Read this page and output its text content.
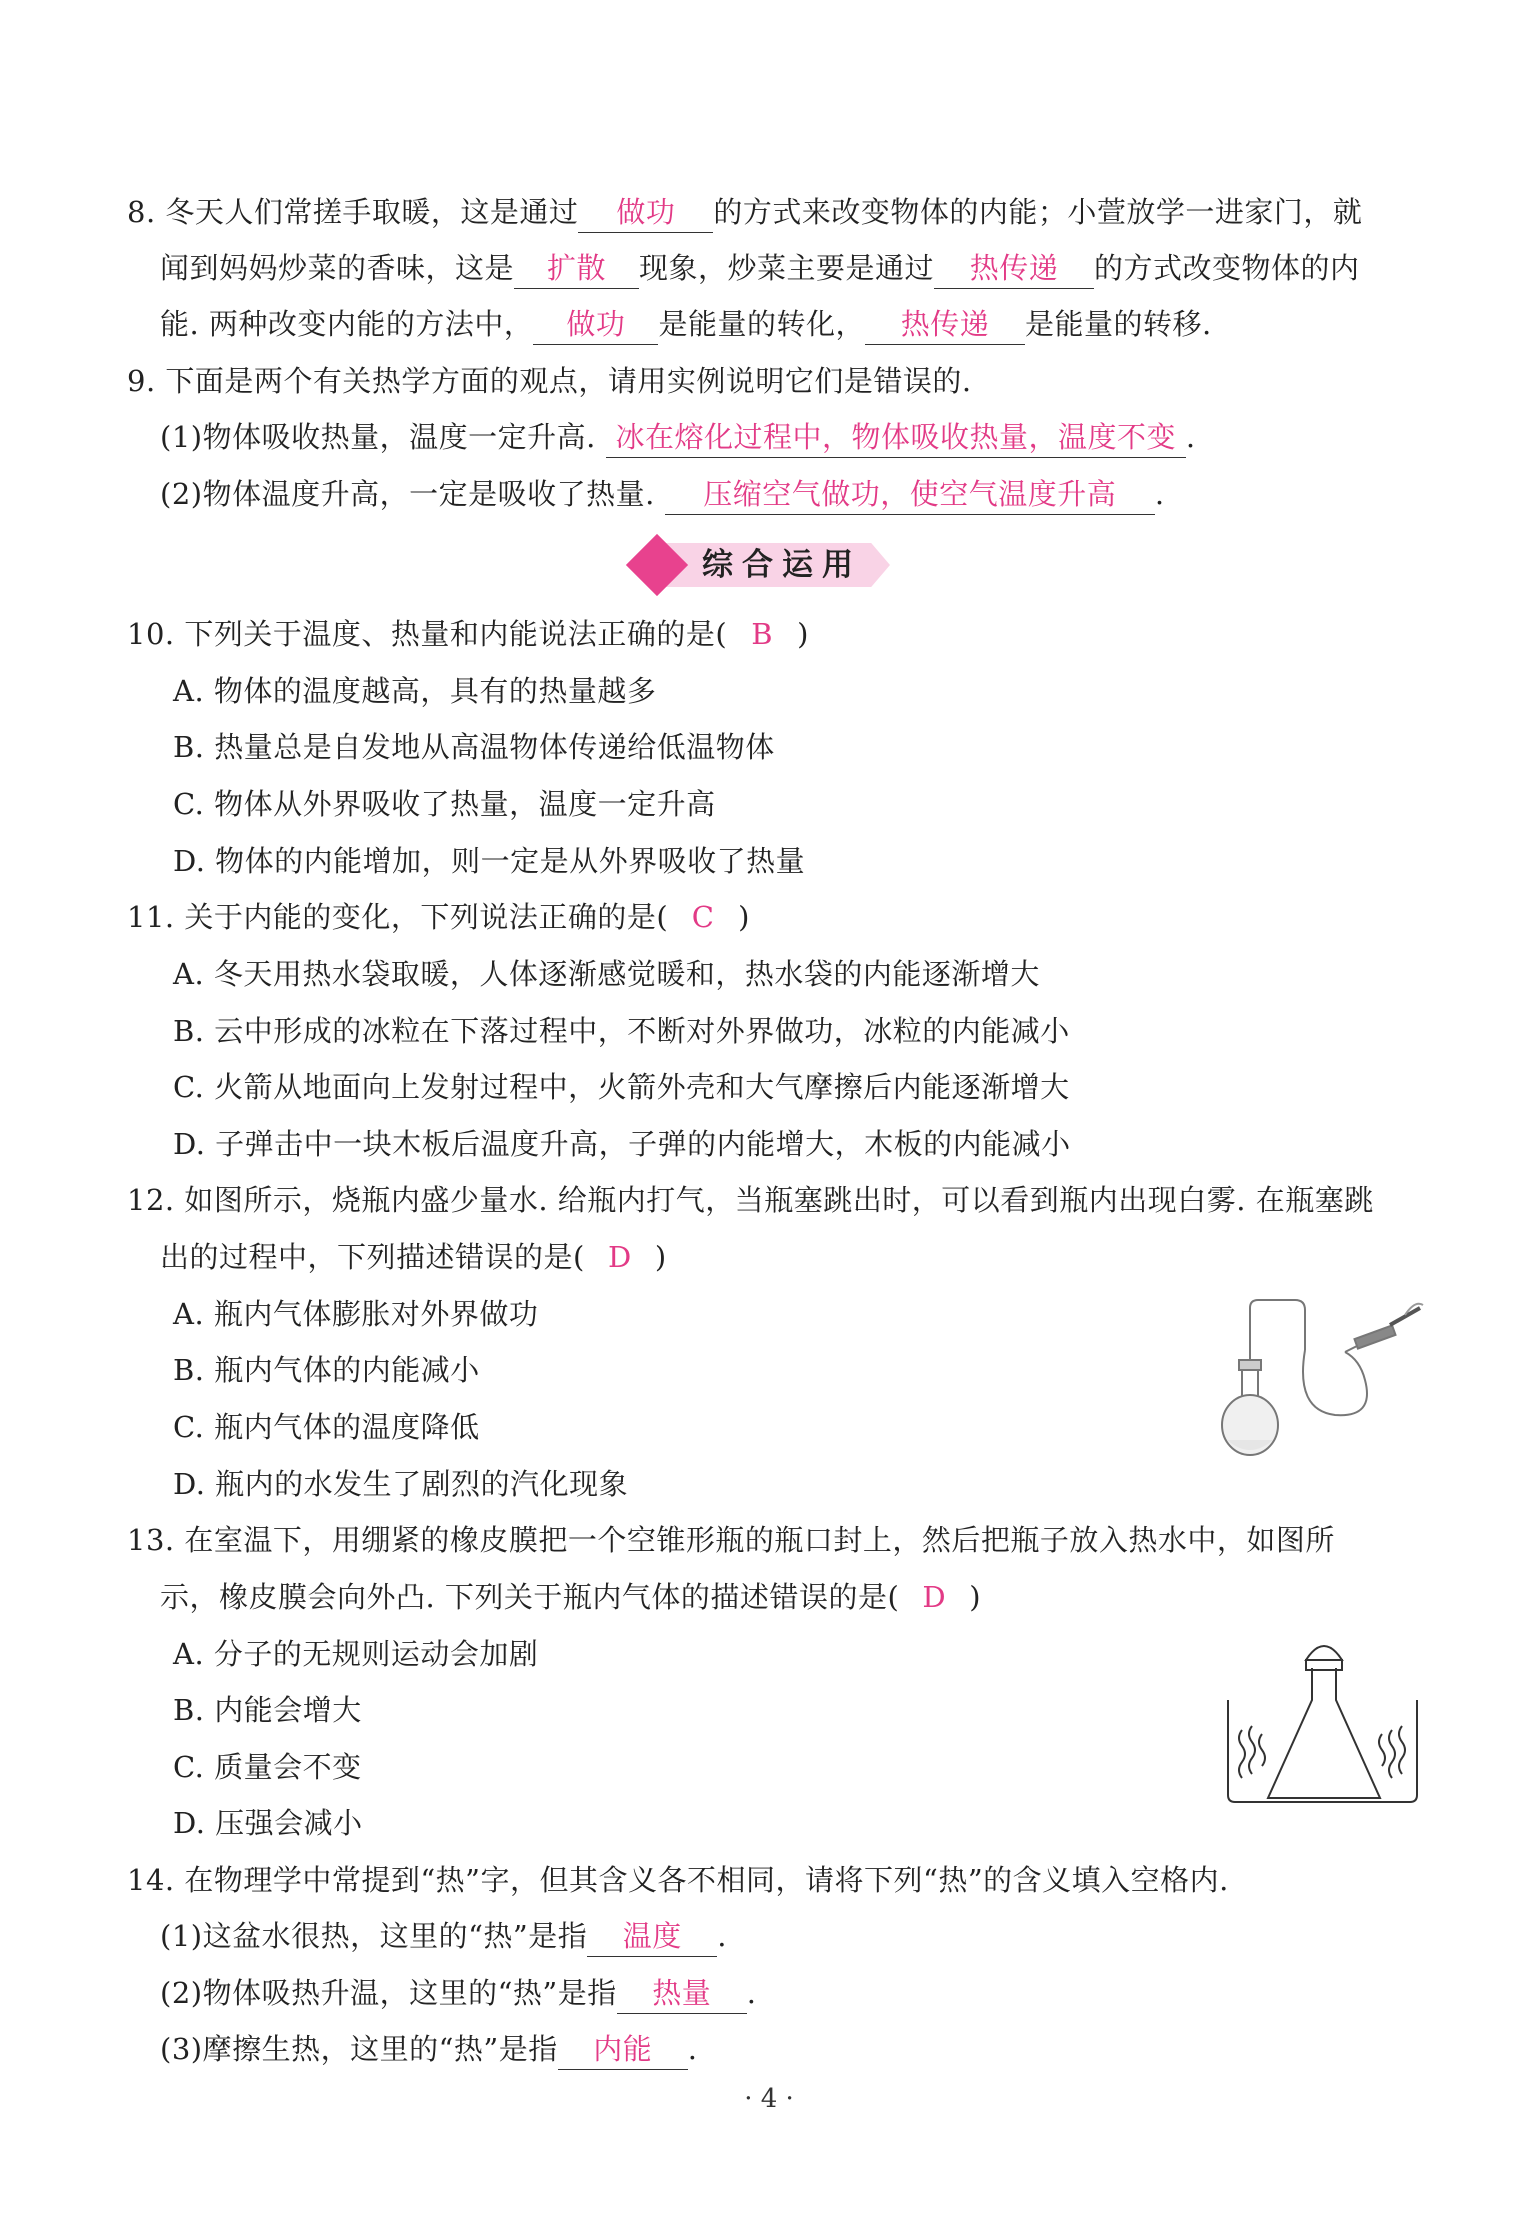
8. 冬天人们常搓手取暖，这是通过 做功 的方式来改变物体的内能；小萱放学一进家门，就
闻到妈妈炒菜的香味，这是 扩散 现象，炒菜主要是通过 热传递 的方式改变物体的内
能. 两种改变内能的方法中， 做功 是能量的转化， 热传递 是能量的转移.
9. 下面是两个有关热学方面的观点，请用实例说明它们是错误的.
(1)物体吸收热量，温度一定升高. 冰在熔化过程中，物体吸收热量，温度不变 .
(2)物体温度升高，一定是吸收了热量. 压缩空气做功，使空气温度升高 .
综合运用
10. 下列关于温度、热量和内能说法正确的是( B )
A. 物体的温度越高，具有的热量越多
B. 热量总是自发地从高温物体传递给低温物体
C. 物体从外界吸收了热量，温度一定升高
D. 物体的内能增加，则一定是从外界吸收了热量
11. 关于内能的变化，下列说法正确的是( C )
A. 冬天用热水袋取暖，人体逐渐感觉暖和，热水袋的内能逐渐增大
B. 云中形成的冰粒在下落过程中，不断对外界做功，冰粒的内能减小
C. 火箭从地面向上发射过程中，火箭外壳和大气摩擦后内能逐渐增大
D. 子弹击中一块木板后温度升高，子弹的内能增大，木板的内能减小
12. 如图所示，烧瓶内盛少量水. 给瓶内打气，当瓶塞跳出时，可以看到瓶内出现白雾. 在瓶塞跳
出的过程中，下列描述错误的是( D )
A. 瓶内气体膨胀对外界做功
B. 瓶内气体的内能减小
C. 瓶内气体的温度降低
D. 瓶内的水发生了剧烈的汽化现象
13. 在室温下，用绷紧的橡皮膜把一个空锥形瓶的瓶口封上，然后把瓶子放入热水中，如图所
示，橡皮膜会向外凸. 下列关于瓶内气体的描述错误的是( D )
A. 分子的无规则运动会加剧
B. 内能会增大
C. 质量会不变
D. 压强会减小
14. 在物理学中常提到“热”字，但其含义各不相同，请将下列“热”的含义填入空格内.
(1)这盆水很热，这里的“热”是指 温度 .
(2)物体吸热升温，这里的“热”是指 热量 .
(3)摩擦生热，这里的“热”是指 内能 .
· 4 ·
